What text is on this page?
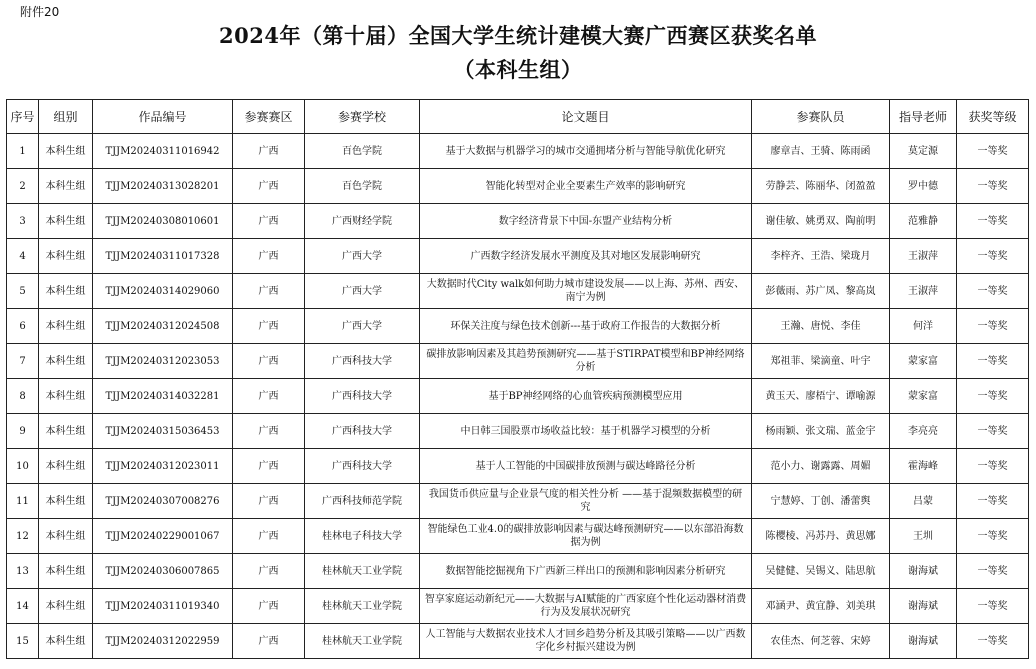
附件20
2024年（第十届）全国大学生统计建模大赛广西赛区获奖名单
（本科生组）
序号	组别	作品编号	参赛赛区	参赛学校	论文题目	参赛队员	指导老师	获奖等级
1	本科生组	TJJM20240311016942	广西	百色学院	基于大数据与机器学习的城市交通拥堵分析与智能导航优化研究	廖章吉、王骑、陈雨函	莫定源	一等奖
2	本科生组	TJJM20240313028201	广西	百色学院	智能化转型对企业全要素生产效率的影响研究	劳静芸、陈丽华、闭盈盈	罗中德	一等奖
3	本科生组	TJJM20240308010601	广西	广西财经学院	数字经济背景下中国-东盟产业结构分析	谢佳敏、姚勇双、陶前明	范雅静	一等奖
4	本科生组	TJJM20240311017328	广西	广西大学	广西数字经济发展水平测度及其对地区发展影响研究	李梓齐、王浩、梁珑月	王淑萍	一等奖
5	本科生组	TJJM20240314029060	广西	广西大学	大数据时代City walk如何助力城市建设发展——以上海、苏州、西安、南宁为例	彭薇雨、苏广凤、黎高岚	王淑萍	一等奖
6	本科生组	TJJM20240312024508	广西	广西大学	环保关注度与绿色技术创新---基于政府工作报告的大数据分析	王瀚、唐悦、李佳	何洋	一等奖
7	本科生组	TJJM20240312023053	广西	广西科技大学	碳排放影响因素及其趋势预测研究——基于STIRPAT模型和BP神经网络分析	郑祖菲、梁滴童、叶宇	蒙家富	一等奖
8	本科生组	TJJM20240314032281	广西	广西科技大学	基于BP神经网络的心血管疾病预测模型应用	黄玉天、廖梧宁、谭喻源	蒙家富	一等奖
9	本科生组	TJJM20240315036453	广西	广西科技大学	中日韩三国股票市场收益比较：基于机器学习模型的分析	杨雨颖、张文瑞、蓝金宇	李亮亮	一等奖
10	本科生组	TJJM20240312023011	广西	广西科技大学	基于人工智能的中国碳排放预测与碳达峰路径分析	范小力、谢露露、周媚	霍海峰	一等奖
11	本科生组	TJJM20240307008276	广西	广西科技师范学院	我国货币供应量与企业景气度的相关性分析 ——基于混频数据模型的研究	宁慧婷、丁创、潘蕾舆	吕蒙	一等奖
12	本科生组	TJJM20240229001067	广西	桂林电子科技大学	智能绿色工业4.0的碳排放影响因素与碳达峰预测研究——以东部沿海数据为例	陈樱棱、冯苏丹、黄思娜	王圳	一等奖
13	本科生组	TJJM20240306007865	广西	桂林航天工业学院	数据智能挖掘视角下广西新三样出口的预测和影响因素分析研究	吴健健、吴锡义、陆思航	谢海斌	一等奖
14	本科生组	TJJM20240311019340	广西	桂林航天工业学院	智享家庭运动新纪元——大数据与AI赋能的广西家庭个性化运动器材消费行为及发展状况研究	邓涵尹、黄宜静、刘美琪	谢海斌	一等奖
15	本科生组	TJJM20240312022959	广西	桂林航天工业学院	人工智能与大数据农业技术人才回乡趋势分析及其吸引策略——以广西数字化乡村振兴建设为例	农佳杰、何芝蓉、宋婷	谢海斌	一等奖
